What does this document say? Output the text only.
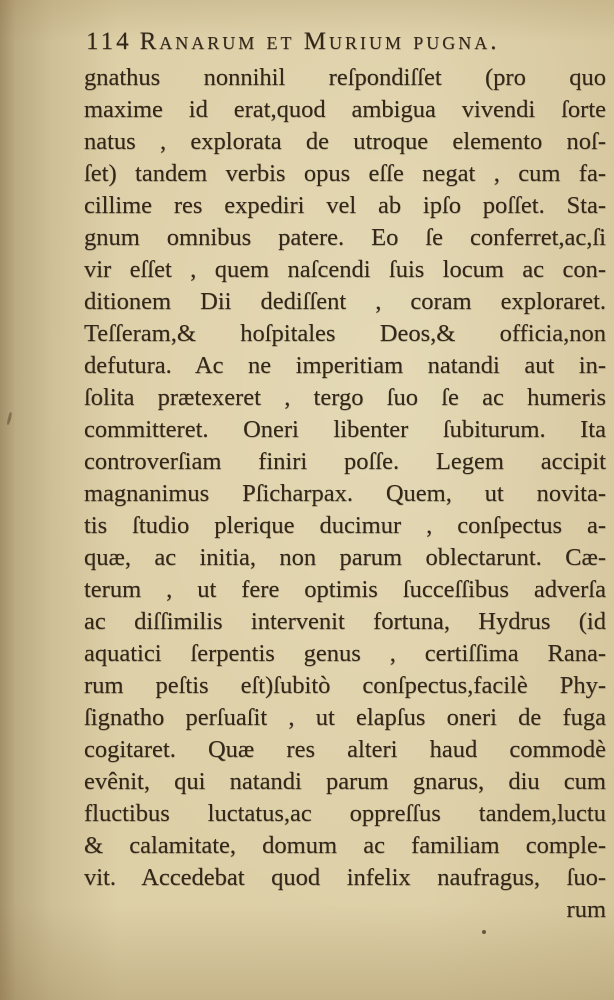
114 Ranarum et Murium pugna.
gnathus nonnihil reſpondiſſet (pro quo
maxime id erat,quod ambigua vivendi ſorte
natus , explorata de utroque elemento noſ-
ſet) tandem verbis opus eſſe negat , cum fa-
cillime res expediri vel ab ipſo poſſet. Sta-
gnum omnibus patere. Eo ſe conferret,ac,ſi
vir eſſet , quem naſcendi ſuis locum ac con-
ditionem Dii dediſſent , coram exploraret.
Teſſeram,& hoſpitales Deos,& officia,non
defutura. Ac ne imperitiam natandi aut in-
ſolita prætexeret , tergo ſuo ſe ac humeris
committeret. Oneri libenter ſubiturum. Ita
controverſiam finiri poſſe. Legem accipit
magnanimus Pſicharpax. Quem, ut novita-
tis ſtudio plerique ducimur , conſpectus a-
quæ, ac initia, non parum oblectarunt. Cæ-
terum , ut fere optimis ſucceſſibus adverſa
ac diſſimilis intervenit fortuna, Hydrus (id
aquatici ſerpentis genus , certiſſima Rana-
rum peſtis eſt)ſubitò conſpectus,facilè Phy-
ſignatho perſuaſit , ut elapſus oneri de fuga
cogitaret. Quæ res alteri haud commodè
evênit, qui natandi parum gnarus, diu cum
fluctibus luctatus,ac oppreſſus tandem,luctu
& calamitate, domum ac familiam comple-
vit. Accedebat quod infelix naufragus, ſuo-
rum
